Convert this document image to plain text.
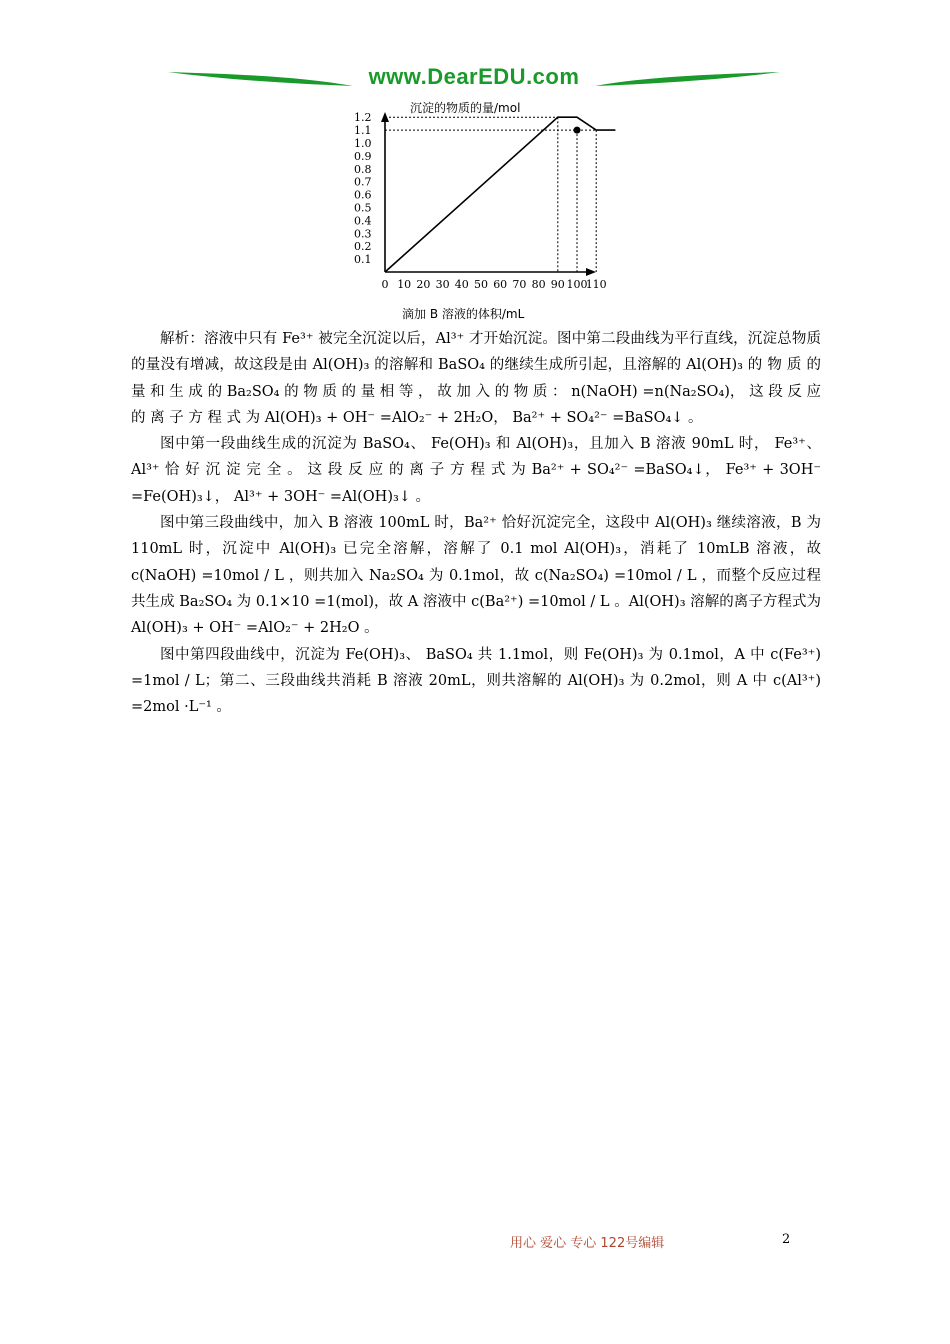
www.DearEDU.com
沉淀的物质的量/mol
滴加 B 溶液的体积/mL
1.2
1.1
1.0
0.9
0.8
0.7
0.6
0.5
0.4
0.3
0.2
0.1
0 10 20 30 40 50 60 70 80 90 100
110

解析：溶液中只有 Fe³⁺ 被完全沉淀以后，Al³⁺ 才开始沉淀。图中第二段曲线为平行直线，沉淀总物质的量没有增减，故这段是由 Al(OH)₃ 的溶解和 BaSO₄ 的继续生成所引起，且溶解的 Al(OH)₃ 的 物 质 的 量 和 生 成 的 Ba₂SO₄ 的 物 质 的 量 相 等 ， 故 加 入 的 物 质 ： n(NaOH) =n(Na₂SO₄)， 这 段 反 应 的 离 子 方 程 式 为 Al(OH)₃ + OH⁻ =AlO₂⁻ + 2H₂O， Ba²⁺ + SO₄²⁻ =BaSO₄↓ 。

图中第一段曲线生成的沉淀为 BaSO₄、 Fe(OH)₃ 和 Al(OH)₃，且加入 B 溶液 90mL 时， Fe³⁺、 Al³⁺ 恰 好 沉 淀 完 全 。 这 段 反 应 的 离 子 方 程 式 为 Ba²⁺ + SO₄²⁻ =BaSO₄↓， Fe³⁺ + 3OH⁻ =Fe(OH)₃↓， Al³⁺ + 3OH⁻ =Al(OH)₃↓ 。

图中第三段曲线中，加入 B 溶液 100mL 时，Ba²⁺ 恰好沉淀完全，这段中 Al(OH)₃ 继续溶液，B 为 110mL 时，沉淀中 Al(OH)₃ 已完全溶解，溶解了 0.1 mol Al(OH)₃，消耗了 10mLB 溶液，故 c(NaOH) =10mol / L ，则共加入 Na₂SO₄ 为 0.1mol，故 c(Na₂SO₄) =10mol / L ，而整个反应过程共生成 Ba₂SO₄ 为 0.1×10 =1(mol)，故 A 溶液中 c(Ba²⁺) =10mol / L 。Al(OH)₃ 溶解的离子方程式为 Al(OH)₃ + OH⁻ =AlO₂⁻ + 2H₂O 。

图中第四段曲线中，沉淀为 Fe(OH)₃、 BaSO₄ 共 1.1mol，则 Fe(OH)₃ 为 0.1mol，A 中 c(Fe³⁺) =1mol / L；第二、三段曲线共消耗 B 溶液 20mL，则共溶解的 Al(OH)₃ 为 0.2mol，则 A 中 c(Al³⁺) =2mol ·L⁻¹ 。

用心 爱心 专心 122号编辑	2
